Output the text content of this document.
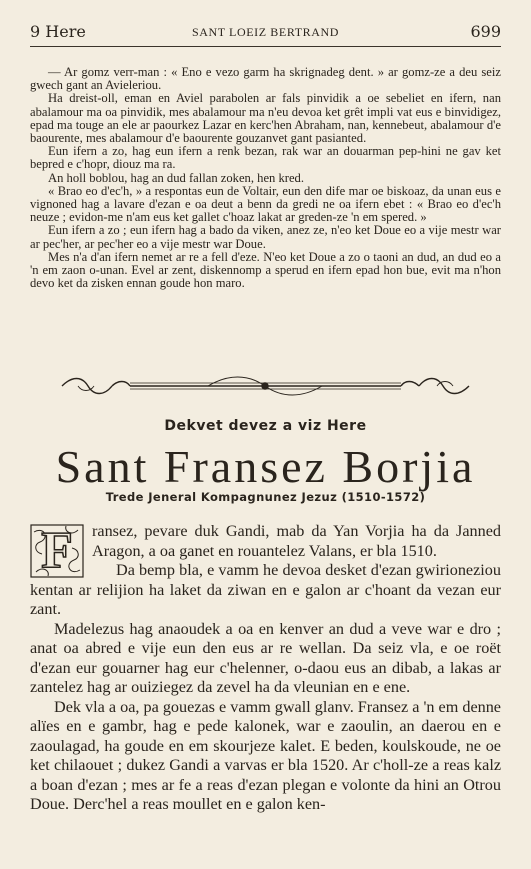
9 Here	SANT LOEIZ BERTRAND	699

— Ar gomz verr-man : « Eno e vezo garm ha skrignadeg dent. » ar gomz-ze a deu seiz gwech gant an Avieleriou.

Ha dreist-oll, eman en Aviel parabolen ar fals pinvidik a oe sebeliet en ifern, nan abalamour ma oa pinvidik, mes abalamour ma n'eu devoa ket grêt impli vat eus e binvidigez, epad ma touge an ele ar paourkez Lazar en kerc'hen Abraham, nan, kennebeut, abalamour d'e baourente, mes abalamour d'e baourente gouzanvet gant pasianted.

Eun ifern a zo, hag eun ifern a renk bezan, rak war an douarman pep-hini ne gav ket bepred e c'hopr, diouz ma ra.

An holl boblou, hag an dud fallan zoken, hen kred.

« Brao eo d'ec'h, » a respontas eun de Voltair, eun den dife mar oe biskoaz, da unan eus e vignoned hag a lavare d'ezan e oa deut a benn da gredi ne oa ifern ebet : « Brao eo d'ec'h neuze ; evidon-me n'am eus ket gallet c'hoaz lakat ar greden-ze 'n em spered. »

Eun ifern a zo ; eun ifern hag a bado da viken, anez ze, n'eo ket Doue eo a vije mestr war ar pec'her, ar pec'her eo a vije mestr war Doue.

Mes n'a d'an ifern nemet ar re a fell d'eze. N'eo ket Doue a zo o taoni an dud, an dud eo a 'n em zaon o-unan. Evel ar zent, diskennomp a sperud en ifern epad hon bue, evit ma n'hon devo ket da zisken ennan goude hon maro.

Dekvet devez a viz Here
Sant Fransez Borjia
Trede Jeneral Kompagnunez Jezuz (1510-1572)

F	ransez, pevare duk Gandi, mab da Yan Vorjia ha da Janned Aragon, a oa ganet en rouantelez Valans, er bla 1510.

Da bemp bla, e vamm he devoa desket d'ezan gwirioneziou kentan ar relijion ha laket da ziwan en e galon ar c'hoant da vezan eur zant.

Madelezus hag anaoudek a oa en kenver an dud a veve war e dro ; anat oa abred e vije eun den eus ar re wellan. Da seiz vla, e oe roët d'ezan eur gouarner hag eur c'helenner, o-daou eus an dibab, a lakas ar zantelez hag ar ouiziegez da zevel ha da vleunian en e ene.

Dek vla a oa, pa gouezas e vamm gwall glanv. Fransez a 'n em denne alïes en e gambr, hag e pede kalonek, war e zaoulin, an daerou en e zaoulagad, ha goude en em skourjeze kalet. E beden, koulskoude, ne oe ket chilaouet ; dukez Gandi a varvas er bla 1520. Ar c'holl-ze a reas kalz a boan d'ezan ; mes ar fe a reas d'ezan plegan e volonte da hini an Otrou Doue. Derc'hel a reas moullet en e galon ken-
